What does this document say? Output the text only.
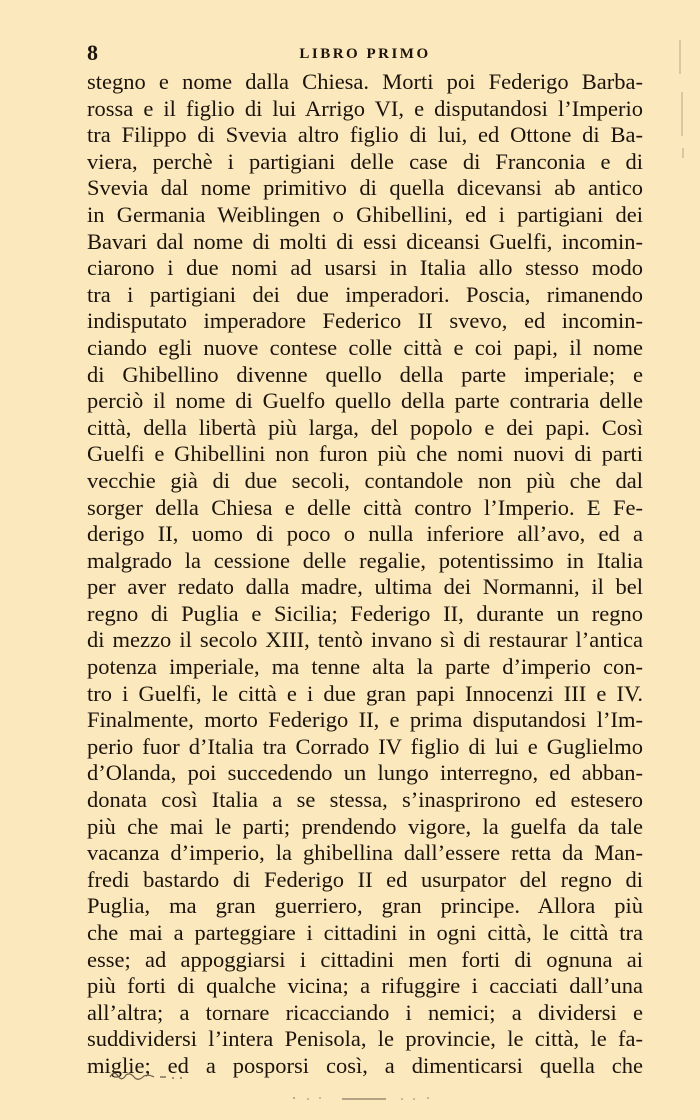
8	LIBRO PRIMO
stegno e nome dalla Chiesa. Morti poi Federigo Barba-
rossa e il figlio di lui Arrigo VI, e disputandosi l’Imperio
tra Filippo di Svevia altro figlio di lui, ed Ottone di Ba-
viera, perchè i partigiani delle case di Franconia e di
Svevia dal nome primitivo di quella dicevansi ab antico
in Germania Weiblingen o Ghibellini, ed i partigiani dei
Bavari dal nome di molti di essi diceansi Guelfi, incomin-
ciarono i due nomi ad usarsi in Italia allo stesso modo
tra i partigiani dei due imperadori. Poscia, rimanendo
indisputato imperadore Federico II svevo, ed incomin-
ciando egli nuove contese colle città e coi papi, il nome
di Ghibellino divenne quello della parte imperiale; e
perciò il nome di Guelfo quello della parte contraria delle
città, della libertà più larga, del popolo e dei papi. Così
Guelfi e Ghibellini non furon più che nomi nuovi di parti
vecchie già di due secoli, contandole non più che dal
sorger della Chiesa e delle città contro l’Imperio. E Fe-
derigo II, uomo di poco o nulla inferiore all’avo, ed a
malgrado la cessione delle regalie, potentissimo in Italia
per aver redato dalla madre, ultima dei Normanni, il bel
regno di Puglia e Sicilia; Federigo II, durante un regno
di mezzo il secolo XIII, tentò invano sì di restaurar l’antica
potenza imperiale, ma tenne alta la parte d’imperio con-
tro i Guelfi, le città e i due gran papi Innocenzi III e IV.
Finalmente, morto Federigo II, e prima disputandosi l’Im-
perio fuor d’Italia tra Corrado IV figlio di lui e Guglielmo
d’Olanda, poi succedendo un lungo interregno, ed abban-
donata così Italia a se stessa, s’inasprirono ed estesero
più che mai le parti; prendendo vigore, la guelfa da tale
vacanza d’imperio, la ghibellina dall’essere retta da Man-
fredi bastardo di Federigo II ed usurpator del regno di
Puglia, ma gran guerriero, gran principe. Allora più
che mai a parteggiare i cittadini in ogni città, le città tra
esse; ad appoggiarsi i cittadini men forti di ognuna ai
più forti di qualche vicina; a rifuggire i cacciati dall’una
all’altra; a tornare ricacciando i nemici; a dividersi e
suddividersi l’intera Penisola, le provincie, le città, le fa-
miglie; ed a posporsi così, a dimenticarsi quella che
